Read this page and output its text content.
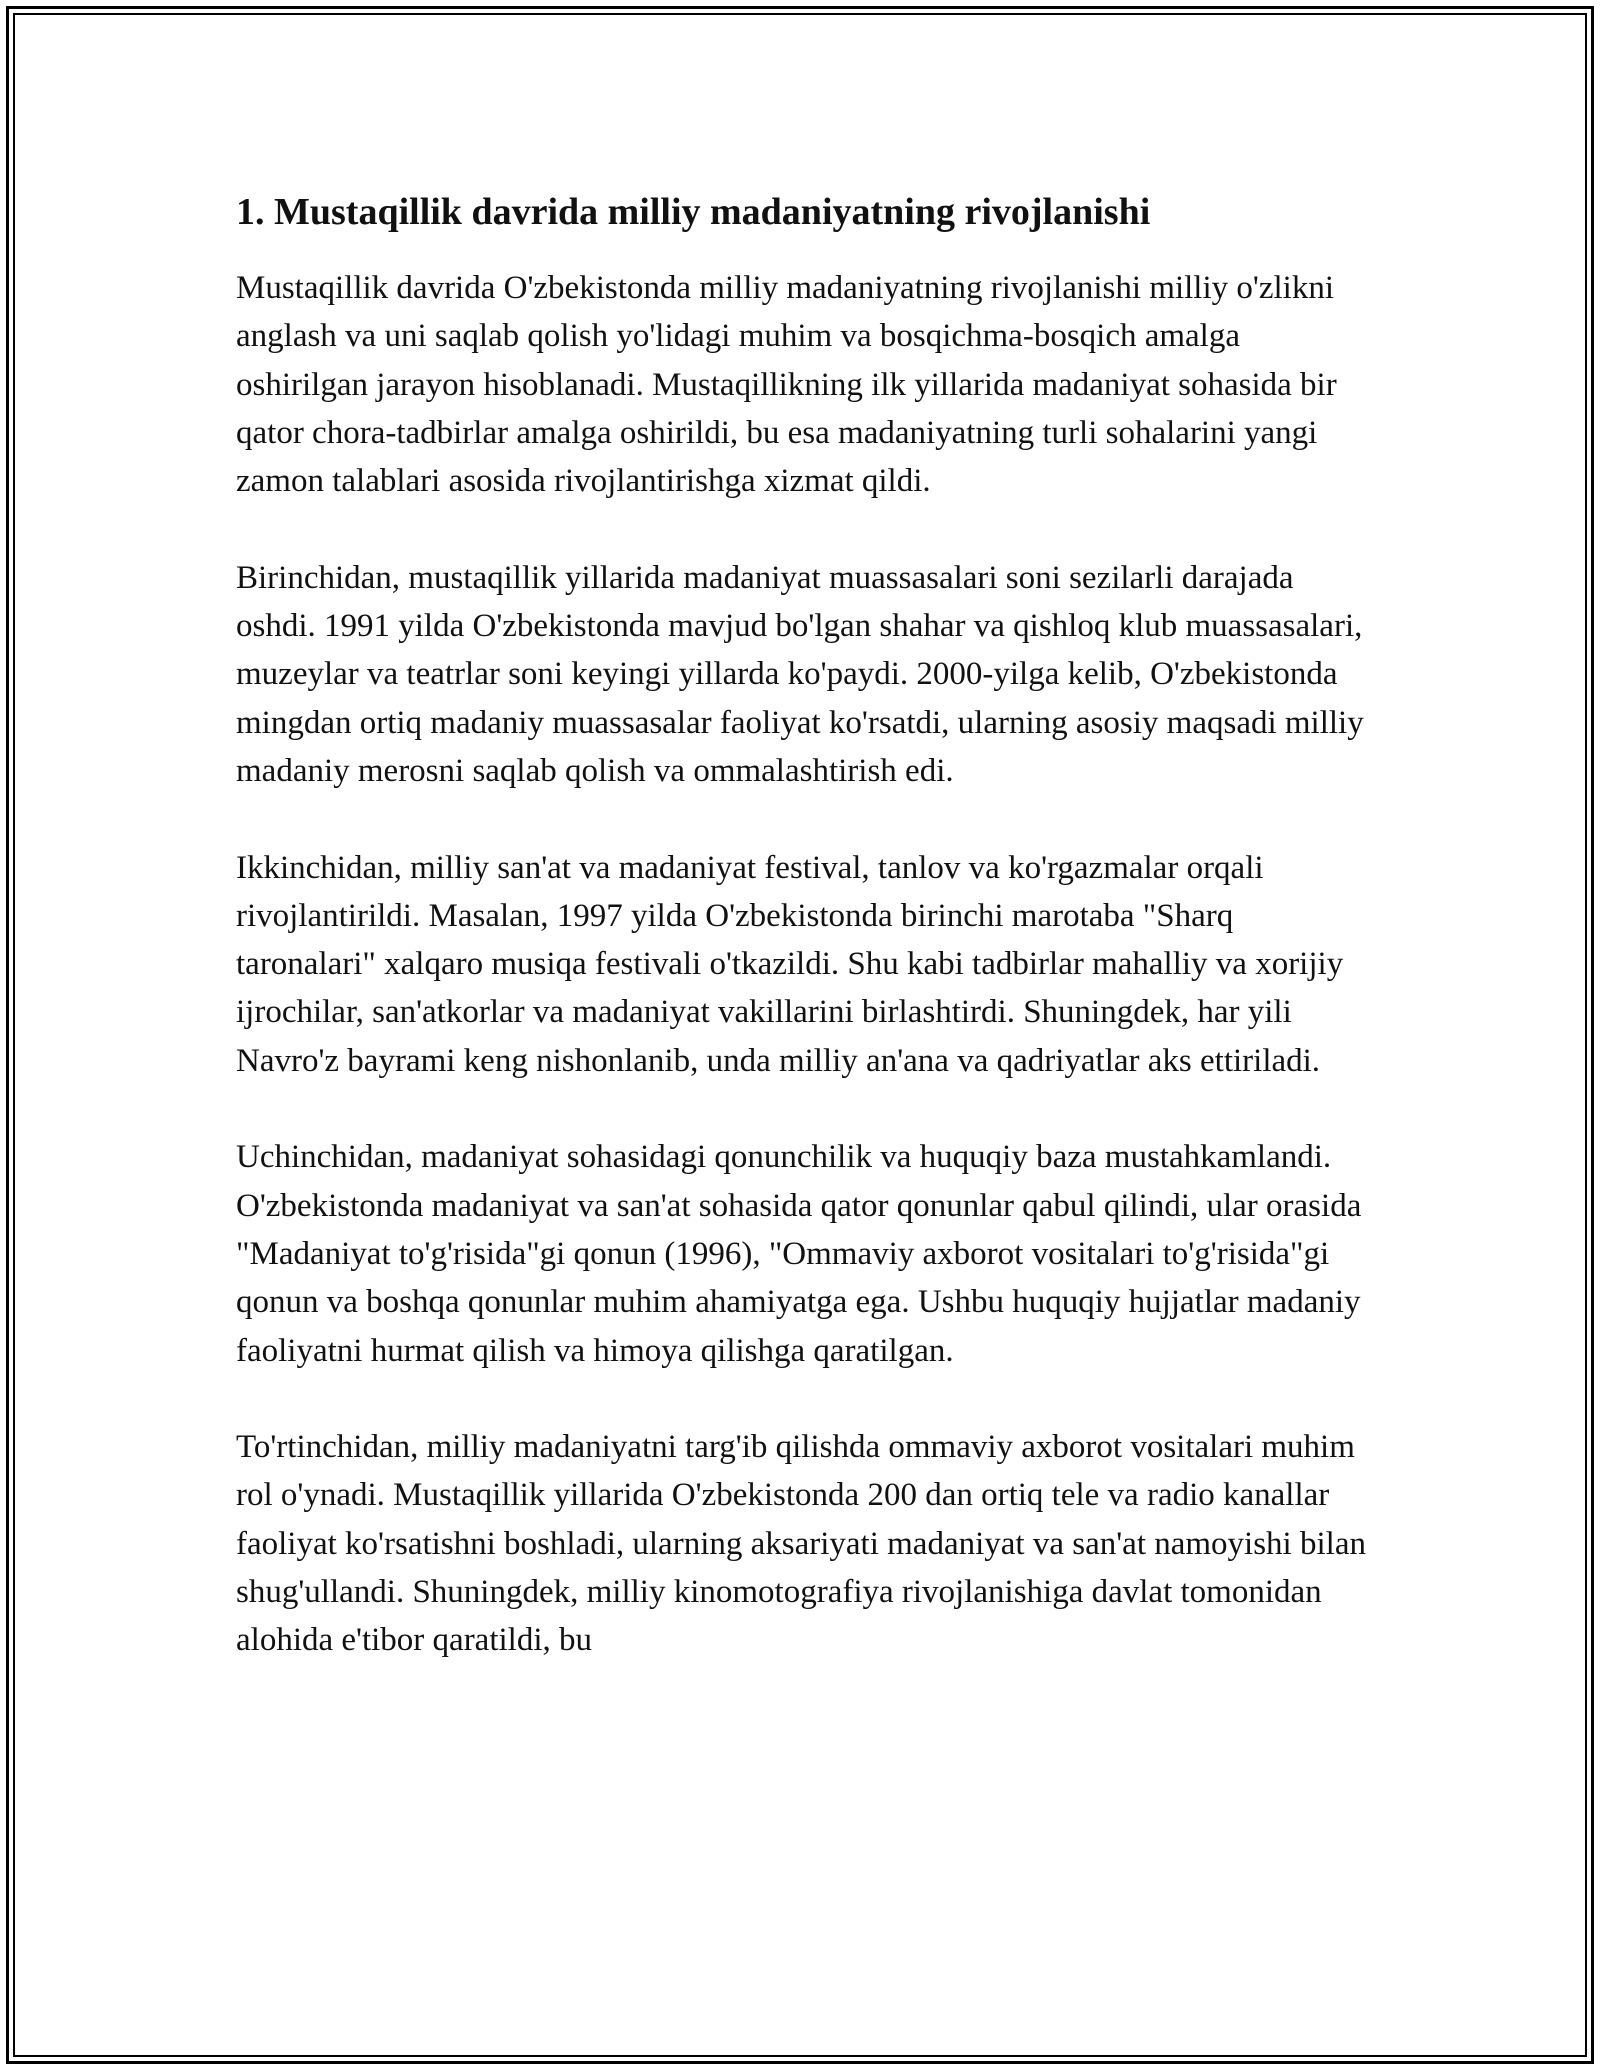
1. Mustaqillik davrida milliy madaniyatning rivojlanishi

Mustaqillik davrida O'zbekistonda milliy madaniyatning rivojlanishi milliy o'zlikni anglash va uni saqlab qolish yo'lidagi muhim va bosqichma-bosqich amalga oshirilgan jarayon hisoblanadi. Mustaqillikning ilk yillarida madaniyat sohasida bir qator chora-tadbirlar amalga oshirildi, bu esa madaniyatning turli sohalarini yangi zamon talablari asosida rivojlantirishga xizmat qildi.

Birinchidan, mustaqillik yillarida madaniyat muassasalari soni sezilarli darajada oshdi. 1991 yilda O'zbekistonda mavjud bo'lgan shahar va qishloq klub muassasalari, muzeylar va teatrlar soni keyingi yillarda ko'paydi. 2000-yilga kelib, O'zbekistonda mingdan ortiq madaniy muassasalar faoliyat ko'rsatdi, ularning asosiy maqsadi milliy madaniy merosni saqlab qolish va ommalashtirish edi.

Ikkinchidan, milliy san'at va madaniyat festival, tanlov va ko'rgazmalar orqali rivojlantirildi. Masalan, 1997 yilda O'zbekistonda birinchi marotaba "Sharq taronalari" xalqaro musiqa festivali o'tkazildi. Shu kabi tadbirlar mahalliy va xorijiy ijrochilar, san'atkorlar va madaniyat vakillarini birlashtirdi. Shuningdek, har yili Navro'z bayrami keng nishonlanib, unda milliy an'ana va qadriyatlar aks ettiriladi.

Uchinchidan, madaniyat sohasidagi qonunchilik va huquqiy baza mustahkamlandi. O'zbekistonda madaniyat va san'at sohasida qator qonunlar qabul qilindi, ular orasida "Madaniyat to'g'risida"gi qonun (1996), "Ommaviy axborot vositalari to'g'risida"gi qonun va boshqa qonunlar muhim ahamiyatga ega. Ushbu huquqiy hujjatlar madaniy faoliyatni hurmat qilish va himoya qilishga qaratilgan.

To'rtinchidan, milliy madaniyatni targ'ib qilishda ommaviy axborot vositalari muhim rol o'ynadi. Mustaqillik yillarida O'zbekistonda 200 dan ortiq tele va radio kanallar faoliyat ko'rsatishni boshladi, ularning aksariyati madaniyat va san'at namoyishi bilan shug'ullandi. Shuningdek, milliy kinomotografiya rivojlanishiga davlat tomonidan alohida e'tibor qaratildi, bu
